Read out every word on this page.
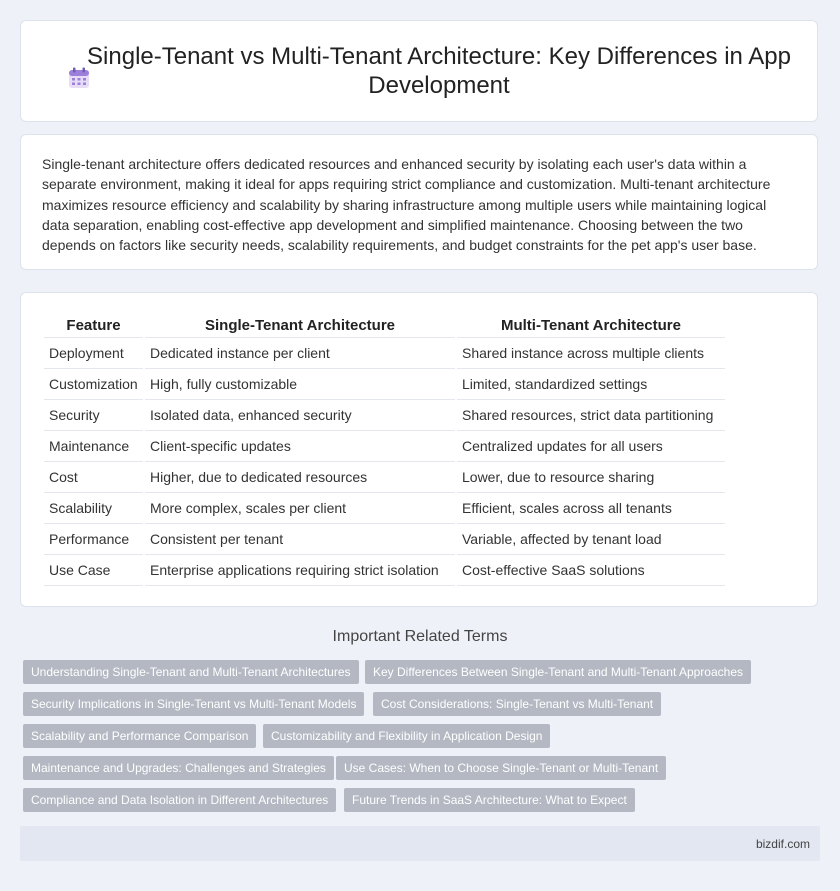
Single-Tenant vs Multi-Tenant Architecture: Key Differences in App Development

Single-tenant architecture offers dedicated resources and enhanced security by isolating each user's data within a separate environment, making it ideal for apps requiring strict compliance and customization. Multi-tenant architecture maximizes resource efficiency and scalability by sharing infrastructure among multiple users while maintaining logical data separation, enabling cost-effective app development and simplified maintenance. Choosing between the two depends on factors like security needs, scalability requirements, and budget constraints for the pet app's user base.

Feature	Single-Tenant Architecture	Multi-Tenant Architecture
Deployment	Dedicated instance per client	Shared instance across multiple clients
Customization	High, fully customizable	Limited, standardized settings
Security	Isolated data, enhanced security	Shared resources, strict data partitioning
Maintenance	Client-specific updates	Centralized updates for all users
Cost	Higher, due to dedicated resources	Lower, due to resource sharing
Scalability	More complex, scales per client	Efficient, scales across all tenants
Performance	Consistent per tenant	Variable, affected by tenant load
Use Case	Enterprise applications requiring strict isolation	Cost-effective SaaS solutions
Important Related Terms
Understanding Single-Tenant and Multi-Tenant Architectures	Key Differences Between Single-Tenant and Multi-Tenant Approaches
Security Implications in Single-Tenant vs Multi-Tenant Models	Cost Considerations: Single-Tenant vs Multi-Tenant
Scalability and Performance Comparison	Customizability and Flexibility in Application Design
Maintenance and Upgrades: Challenges and Strategies	Use Cases: When to Choose Single-Tenant or Multi-Tenant
Compliance and Data Isolation in Different Architectures	Future Trends in SaaS Architecture: What to Expect
bizdif.com
